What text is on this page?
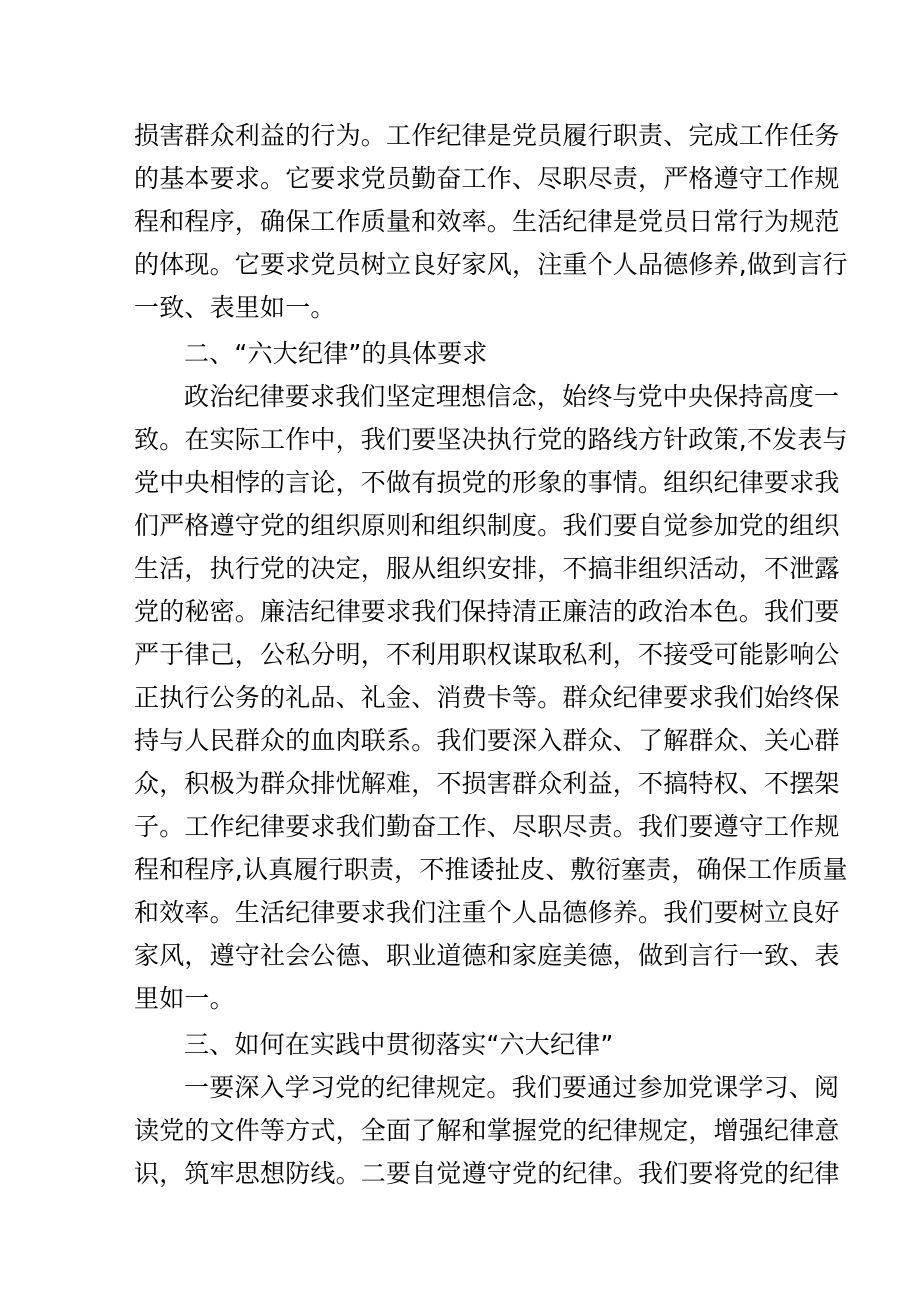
损害群众利益的行为。工作纪律是党员履行职责、完成工作任务
的基本要求。它要求党员勤奋工作、尽职尽责，严格遵守工作规
程和程序，确保工作质量和效率。生活纪律是党员日常行为规范
的体现。它要求党员树立良好家风，注重个人品德修养,做到言行
一致、表里如一。
二、“六大纪律”的具体要求
政治纪律要求我们坚定理想信念，始终与党中央保持高度一
致。在实际工作中，我们要坚决执行党的路线方针政策,不发表与
党中央相悖的言论，不做有损党的形象的事情。组织纪律要求我
们严格遵守党的组织原则和组织制度。我们要自觉参加党的组织
生活，执行党的决定，服从组织安排，不搞非组织活动，不泄露
党的秘密。廉洁纪律要求我们保持清正廉洁的政治本色。我们要
严于律己，公私分明，不利用职权谋取私利，不接受可能影响公
正执行公务的礼品、礼金、消费卡等。群众纪律要求我们始终保
持与人民群众的血肉联系。我们要深入群众、了解群众、关心群
众，积极为群众排忧解难，不损害群众利益，不搞特权、不摆架
子。工作纪律要求我们勤奋工作、尽职尽责。我们要遵守工作规
程和程序,认真履行职责，不推诿扯皮、敷衍塞责，确保工作质量
和效率。生活纪律要求我们注重个人品德修养。我们要树立良好
家风，遵守社会公德、职业道德和家庭美德，做到言行一致、表
里如一。
三、如何在实践中贯彻落实“六大纪律”
一要深入学习党的纪律规定。我们要通过参加党课学习、阅
读党的文件等方式，全面了解和掌握党的纪律规定，增强纪律意
识，筑牢思想防线。二要自觉遵守党的纪律。我们要将党的纪律
